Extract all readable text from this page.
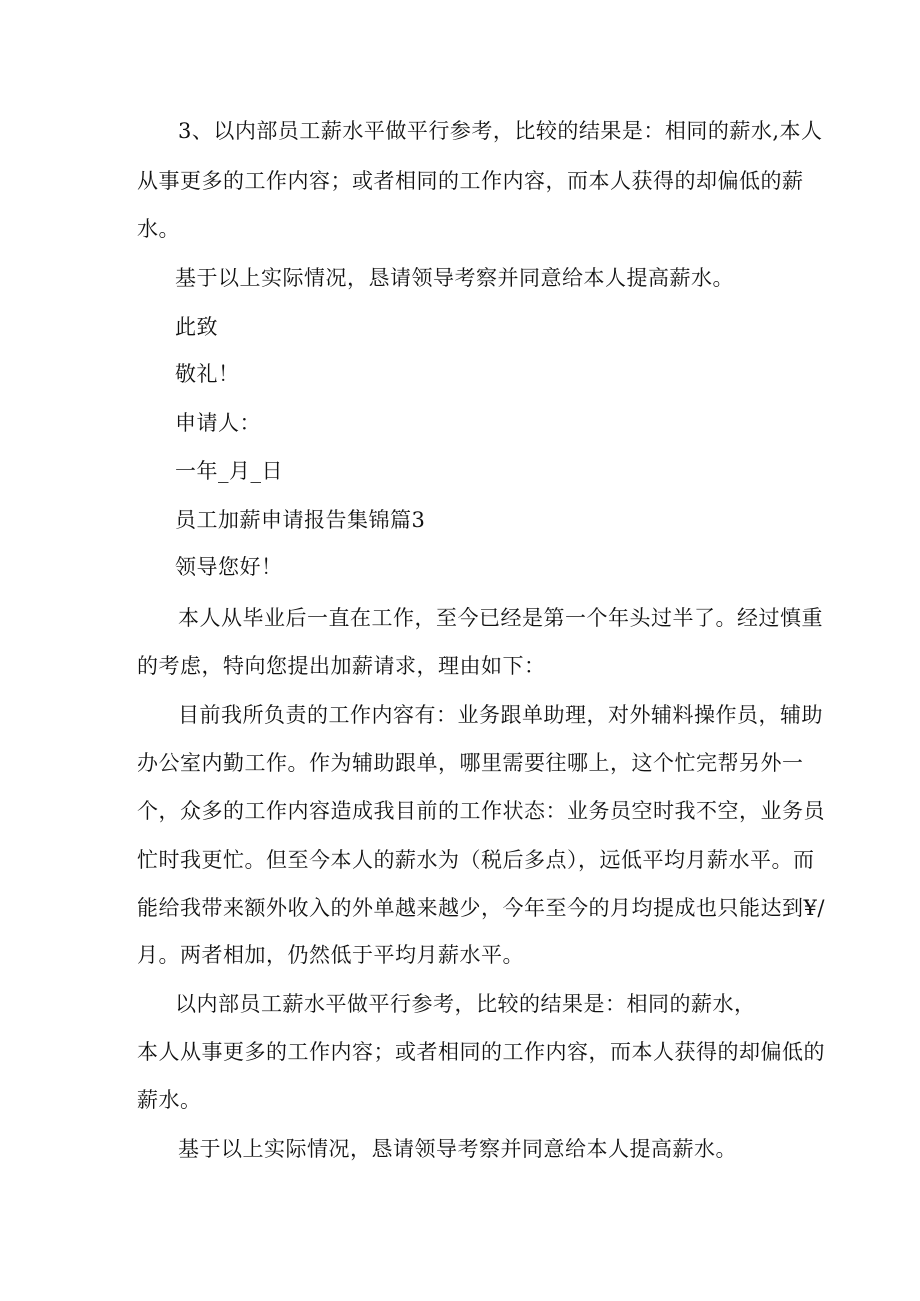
3、以内部员工薪水平做平行参考，比较的结果是：相同的薪水,本人

从事更多的工作内容；或者相同的工作内容，而本人获得的却偏低的薪

水。

基于以上实际情况，恳请领导考察并同意给本人提高薪水。

此致

敬礼！

申请人：

一年_月_日

员工加薪申请报告集锦篇3

领导您好！

本人从毕业后一直在工作，至今已经是第一个年头过半了。经过慎重

的考虑，特向您提出加薪请求，理由如下：

目前我所负责的工作内容有：业务跟单助理，对外辅料操作员，辅助

办公室内勤工作。作为辅助跟单，哪里需要往哪上，这个忙完帮另外一

个，众多的工作内容造成我目前的工作状态：业务员空时我不空，业务员

忙时我更忙。但至今本人的薪水为（税后多点），远低平均月薪水平。而

能给我带来额外收入的外单越来越少，今年至今的月均提成也只能达到¥/

月。两者相加，仍然低于平均月薪水平。

以内部员工薪水平做平行参考，比较的结果是：相同的薪水，

本人从事更多的工作内容；或者相同的工作内容，而本人获得的却偏低的

薪水。

基于以上实际情况，恳请领导考察并同意给本人提高薪水。
